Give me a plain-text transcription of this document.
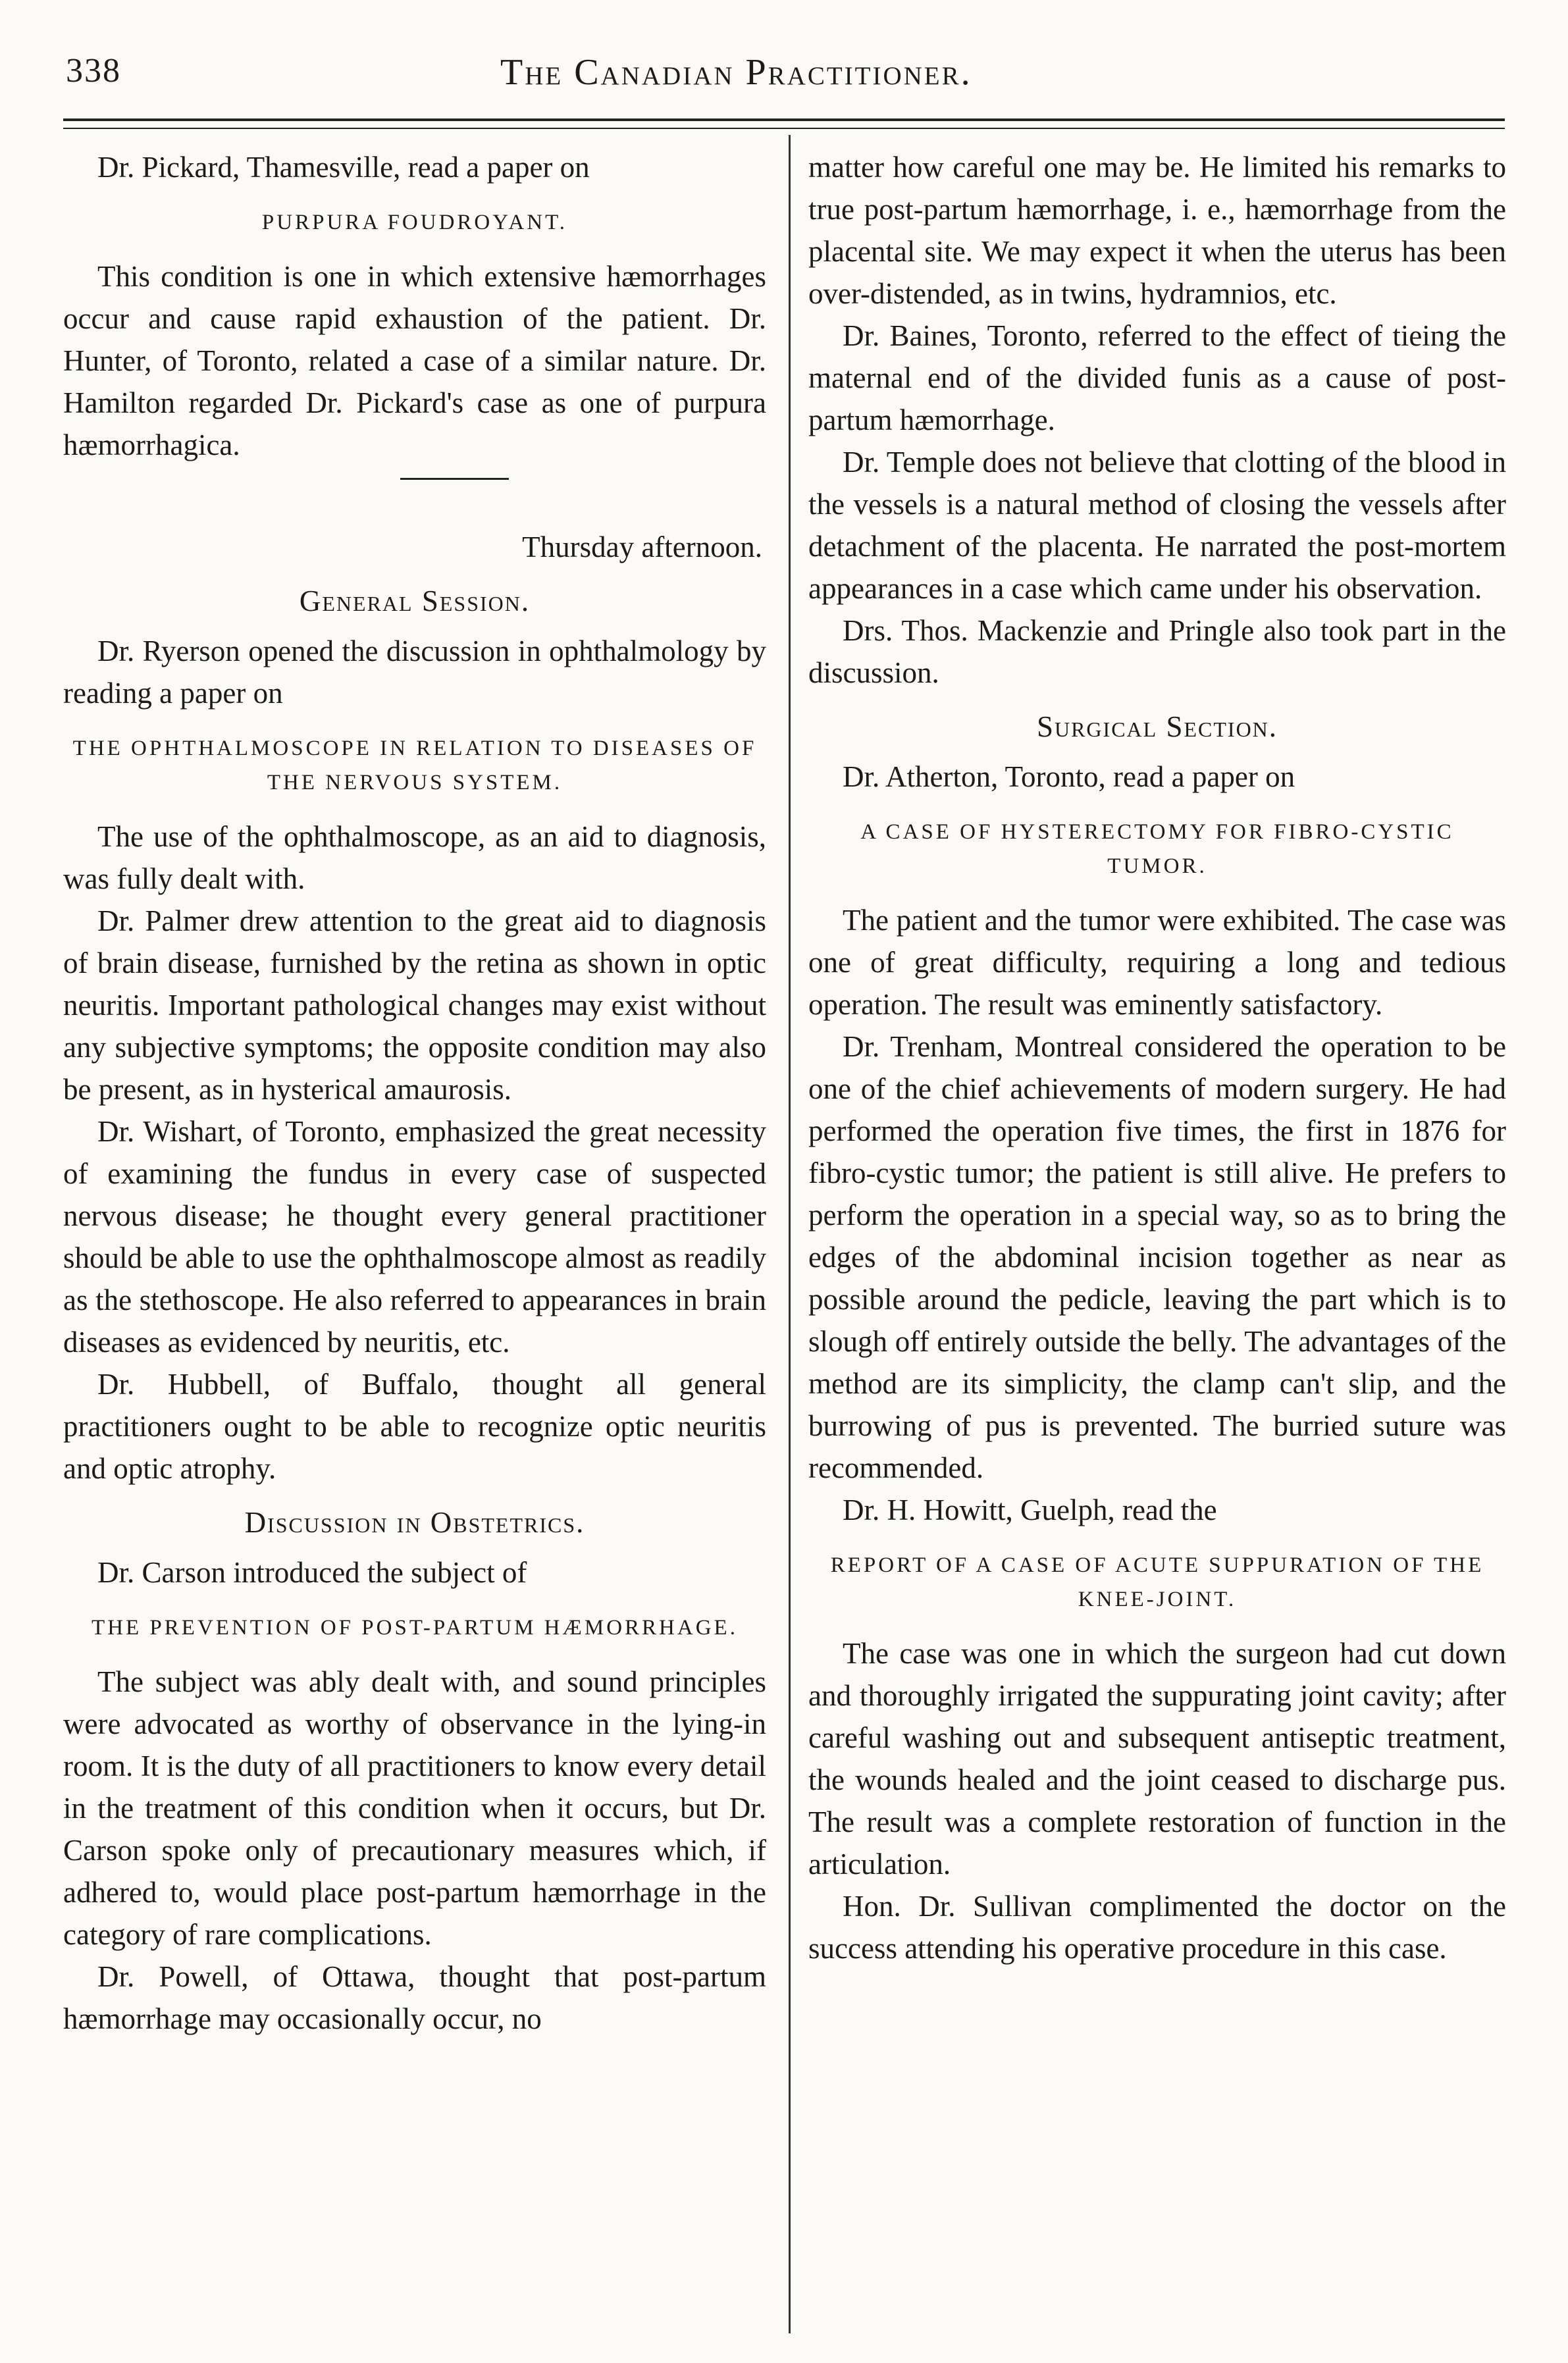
338	The Canadian Practitioner.

Dr. Pickard, Thamesville, read a paper on

PURPURA FOUDROYANT.

This condition is one in which extensive hæmorrhages occur and cause rapid exhaustion of the patient. Dr. Hunter, of Toronto, related a case of a similar nature. Dr. Hamilton regarded Dr. Pickard's case as one of purpura hæmorrhagica.

Thursday afternoon.
General Session.

Dr. Ryerson opened the discussion in ophthalmology by reading a paper on

THE OPHTHALMOSCOPE IN RELATION TO DISEASES OF THE NERVOUS SYSTEM.

The use of the ophthalmoscope, as an aid to diagnosis, was fully dealt with.

Dr. Palmer drew attention to the great aid to diagnosis of brain disease, furnished by the retina as shown in optic neuritis. Important pathological changes may exist without any subjective symptoms; the opposite condition may also be present, as in hysterical amaurosis.

Dr. Wishart, of Toronto, emphasized the great necessity of examining the fundus in every case of suspected nervous disease; he thought every general practitioner should be able to use the ophthalmoscope almost as readily as the stethoscope. He also referred to appearances in brain diseases as evidenced by neuritis, etc.

Dr. Hubbell, of Buffalo, thought all general practitioners ought to be able to recognize optic neuritis and optic atrophy.

Discussion in Obstetrics.

Dr. Carson introduced the subject of

THE PREVENTION OF POST-PARTUM HÆMORRHAGE.

The subject was ably dealt with, and sound principles were advocated as worthy of observance in the lying-in room. It is the duty of all practitioners to know every detail in the treatment of this condition when it occurs, but Dr. Carson spoke only of precautionary measures which, if adhered to, would place post-partum hæmorrhage in the category of rare complications.

Dr. Powell, of Ottawa, thought that post-partum hæmorrhage may occasionally occur, no

matter how careful one may be. He limited his remarks to true post-partum hæmorrhage, i. e., hæmorrhage from the placental site. We may expect it when the uterus has been over-distended, as in twins, hydramnios, etc.

Dr. Baines, Toronto, referred to the effect of tieing the maternal end of the divided funis as a cause of post-partum hæmorrhage.

Dr. Temple does not believe that clotting of the blood in the vessels is a natural method of closing the vessels after detachment of the placenta. He narrated the post-mortem appearances in a case which came under his observation.

Drs. Thos. Mackenzie and Pringle also took part in the discussion.

Surgical Section.

Dr. Atherton, Toronto, read a paper on

A CASE OF HYSTERECTOMY FOR FIBRO-CYSTIC TUMOR.

The patient and the tumor were exhibited. The case was one of great difficulty, requiring a long and tedious operation. The result was eminently satisfactory.

Dr. Trenham, Montreal considered the operation to be one of the chief achievements of modern surgery. He had performed the operation five times, the first in 1876 for fibro-cystic tumor; the patient is still alive. He prefers to perform the operation in a special way, so as to bring the edges of the abdominal incision together as near as possible around the pedicle, leaving the part which is to slough off entirely outside the belly. The advantages of the method are its simplicity, the clamp can't slip, and the burrowing of pus is prevented. The burried suture was recommended.

Dr. H. Howitt, Guelph, read the

REPORT OF A CASE OF ACUTE SUPPURATION OF THE KNEE-JOINT.

The case was one in which the surgeon had cut down and thoroughly irrigated the suppurating joint cavity; after careful washing out and subsequent antiseptic treatment, the wounds healed and the joint ceased to discharge pus. The result was a complete restoration of function in the articulation.

Hon. Dr. Sullivan complimented the doctor on the success attending his operative procedure in this case.
